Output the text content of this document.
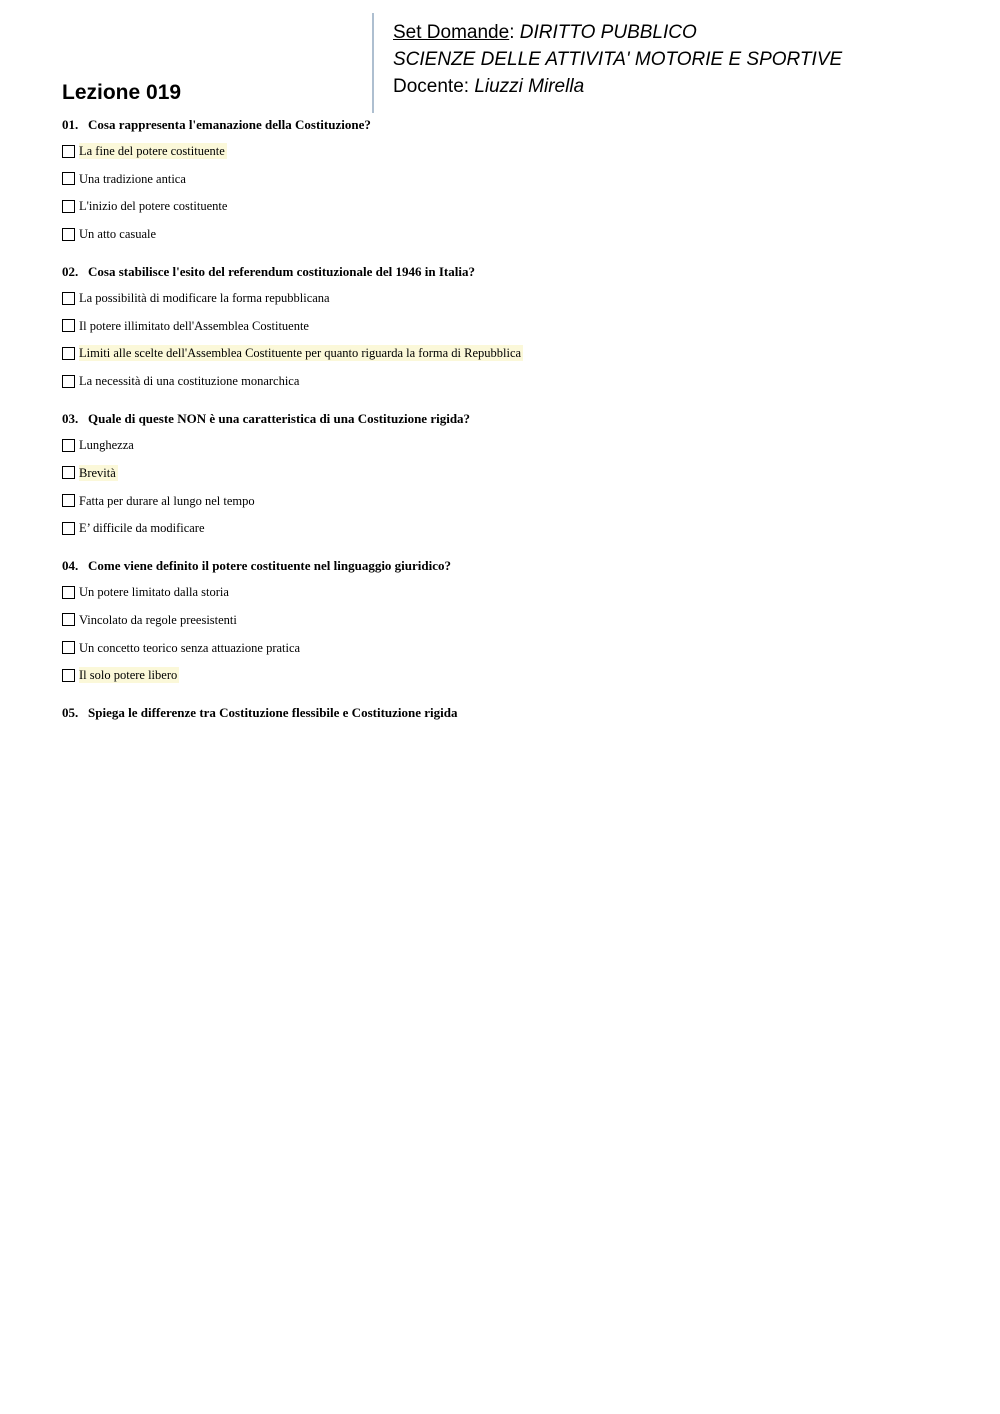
Set Domande: DIRITTO PUBBLICO
SCIENZE DELLE ATTIVITA' MOTORIE E SPORTIVE
Docente: Liuzzi Mirella
Lezione 019
01. Cosa rappresenta l'emanazione della Costituzione?
La fine del potere costituente
Una tradizione antica
L'inizio del potere costituente
Un atto casuale
02. Cosa stabilisce l'esito del referendum costituzionale del 1946 in Italia?
La possibilità di modificare la forma repubblicana
Il potere illimitato dell'Assemblea Costituente
Limiti alle scelte dell'Assemblea Costituente per quanto riguarda la forma di Repubblica
La necessità di una costituzione monarchica
03. Quale di queste NON è una caratteristica di una Costituzione rigida?
Lunghezza
Brevità
Fatta per durare al lungo nel tempo
E’ difficile da modificare
04. Come viene definito il potere costituente nel linguaggio giuridico?
Un potere limitato dalla storia
Vincolato da regole preesistenti
Un concetto teorico senza attuazione pratica
Il solo potere libero
05. Spiega le differenze tra Costituzione flessibile e Costituzione rigida
